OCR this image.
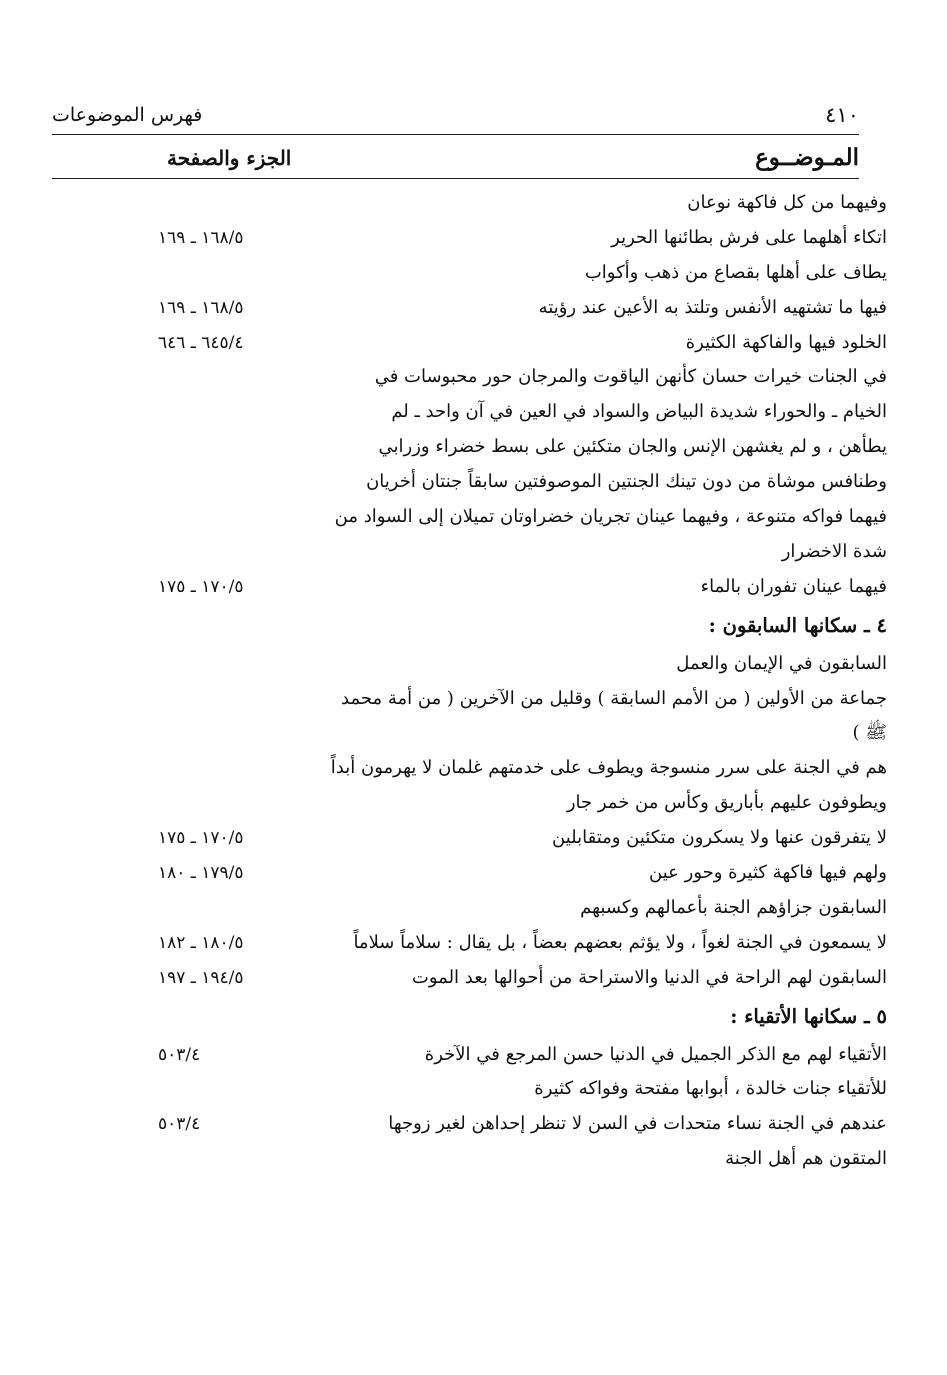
٤١٠
فهرس الموضوعات
المـوضــوع
الجزء والصفحة
وفيهما من كل فاكهة نوعان
اتكاء أهلهما على فرش بطائنها الحرير
١٦٨/٥ ـ ١٦٩
يطاف على أهلها بقصاع من ذهب وأكواب
فيها ما تشتهيه الأنفس وتلتذ به الأعين عند رؤيته
١٦٨/٥ ـ ١٦٩
الخلود فيها والفاكهة الكثيرة
٦٤٥/٤ ـ ٦٤٦
في الجنات خيرات حسان كأنهن الياقوت والمرجان حور محبوسات في
الخيام ـ والحوراء شديدة البياض والسواد في العين في آن واحد ـ لم
يطأهن ، و لم يغشهن الإنس والجان متكئين على بسط خضراء وزرابي
وطنافس موشاة من دون تينك الجنتين الموصوفتين سابقاً جنتان أخريان
فيهما فواكه متنوعة ، وفيهما عينان تجريان خضراوتان تميلان إلى السواد من
شدة الاخضرار
فيهما عينان تفوران بالماء
١٧٠/٥ ـ ١٧٥
٤ ـ سكانها السابقون :
السابقون في الإيمان والعمل
جماعة من الأولين ( من الأمم السابقة ) وقليل من الآخرين ( من أمة محمد
ﷺ )
هم في الجنة على سرر منسوجة ويطوف على خدمتهم غلمان لا يهرمون أبداً
ويطوفون عليهم بأباريق وكأس من خمر جار
لا يتفرقون عنها ولا يسكرون متكئين ومتقابلين
١٧٠/٥ ـ ١٧٥
ولهم فيها فاكهة كثيرة وحور عين
١٧٩/٥ ـ ١٨٠
السابقون جزاؤهم الجنة بأعمالهم وكسبهم
لا يسمعون في الجنة لغواً ، ولا يؤثم بعضهم بعضاً ، بل يقال : سلاماً سلاماً
١٨٠/٥ ـ ١٨٢
السابقون لهم الراحة في الدنيا والاستراحة من أحوالها بعد الموت
١٩٤/٥ ـ ١٩٧
٥ ـ سكانها الأتقياء :
الأتقياء لهم مع الذكر الجميل في الدنيا حسن المرجع في الآخرة
٥٠٣/٤
للأتقياء جنات خالدة ، أبوابها مفتحة وفواكه كثيرة
عندهم في الجنة نساء متحدات في السن لا تنظر إحداهن لغير زوجها
٥٠٣/٤
المتقون هم أهل الجنة
